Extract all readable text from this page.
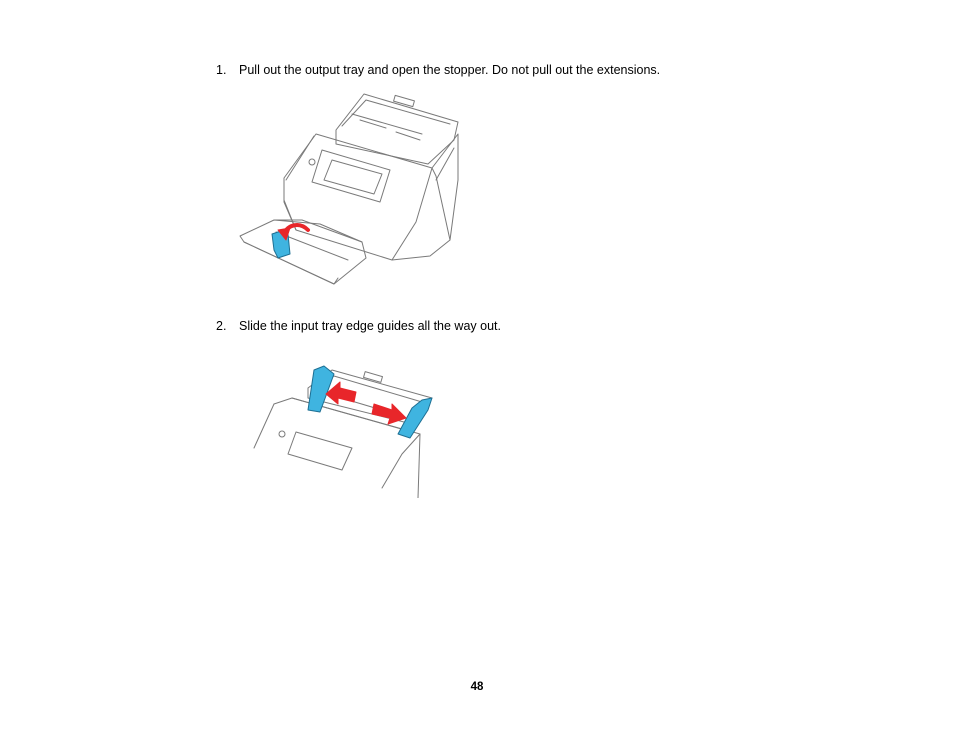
1. Pull out the output tray and open the stopper. Do not pull out the extensions.
2. Slide the input tray edge guides all the way out.
48
